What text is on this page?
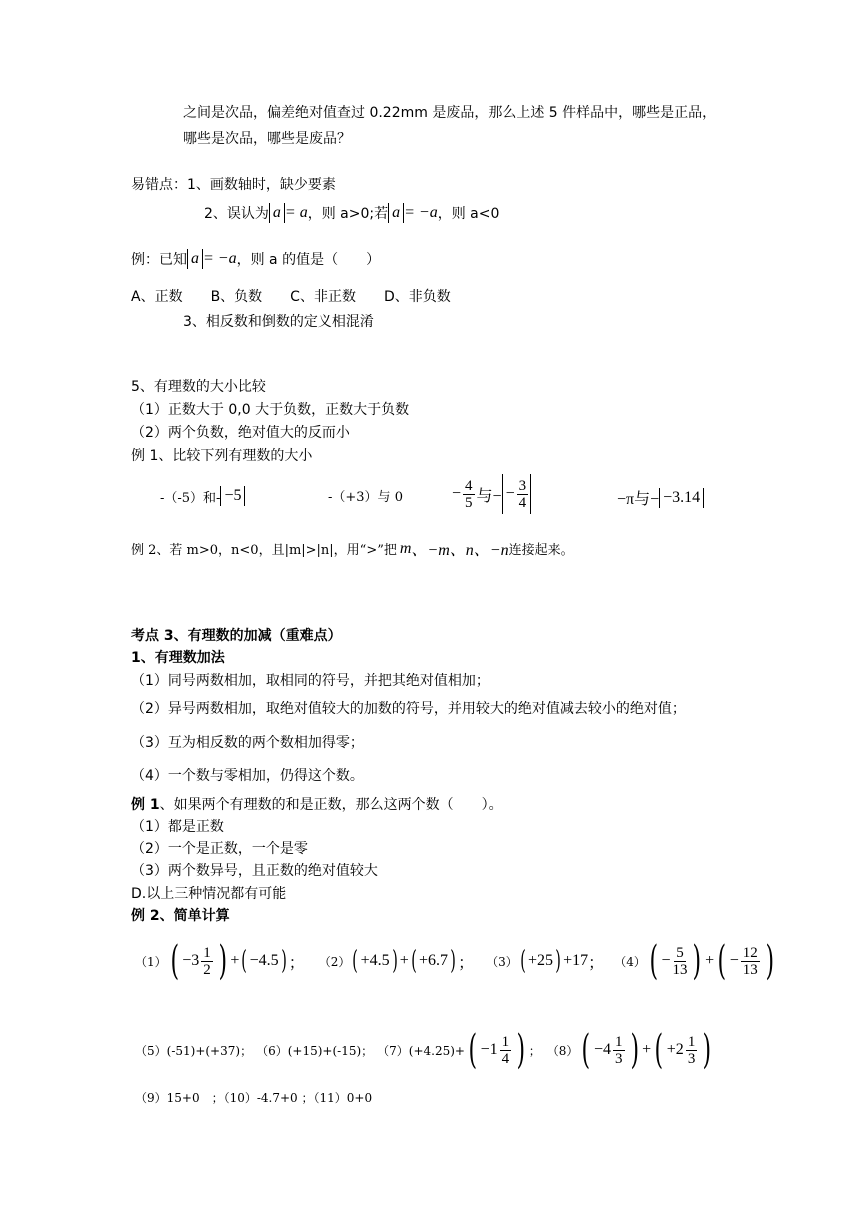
之间是次品，偏差绝对值查过 0.22mm 是废品，那么上述 5 件样品中，哪些是正品，
哪些是次品，哪些是废品？
易错点：1、画数轴时，缺少要素
2、误认为 a = a ，则 a>0;若 a = −a ，则 a<0
例：已知 a = −a ，则 a 的值是（　　）
A、正数　　B、负数　　C、非正数　　D、非负数
3、相反数和倒数的定义相混淆
5、有理数的大小比较
（1）正数大于 0,0 大于负数，正数大于负数
（2）两个负数，绝对值大的反而小
例 1、比较下列有理数的大小
-（-5）和- −5	-（+3）与 0	− $\frac{4}{5}$ 与− − $\frac{3}{4}$	−π与− −3.14
例 2、若 m>0，n<0，且|m|>|n|，用“>”把 m 、−m 、n 、−n 连接起来。
考点 3、有理数的加减（重难点）
1、有理数加法
（1）同号两数相加，取相同的符号，并把其绝对值相加；
（2）异号两数相加，取绝对值较大的加数的符号，并用较大的绝对值减去较小的绝对值；
（3）互为相反数的两个数相加得零；
（4）一个数与零相加，仍得这个数。
例 1、如果两个有理数的和是正数，那么这两个数（　　）。
（1）都是正数
（2）一个是正数，一个是零
（3）两个数异号，且正数的绝对值较大
D.以上三种情况都有可能
例 2、简单计算
（1） ( $-3 \frac{1}{2}$ ) + ( −4.5 ) ； （2） ( +4.5 ) + ( +6.7 ) ； （3） ( +25 ) +17 ； （4） ( − $\frac{5}{13}$ ) + ( − $\frac{12}{13}$ )
（5）(-51)+(+37)； （6）(+15)+(-15)； （7）(+4.25)+ ( $-1 \frac{1}{4}$ ) ； （8） ( $-4 \frac{1}{3}$ ) + ( $+2 \frac{1}{3}$ )
（9）15+0　；（10）-4.7+0 ；（11）0+0
